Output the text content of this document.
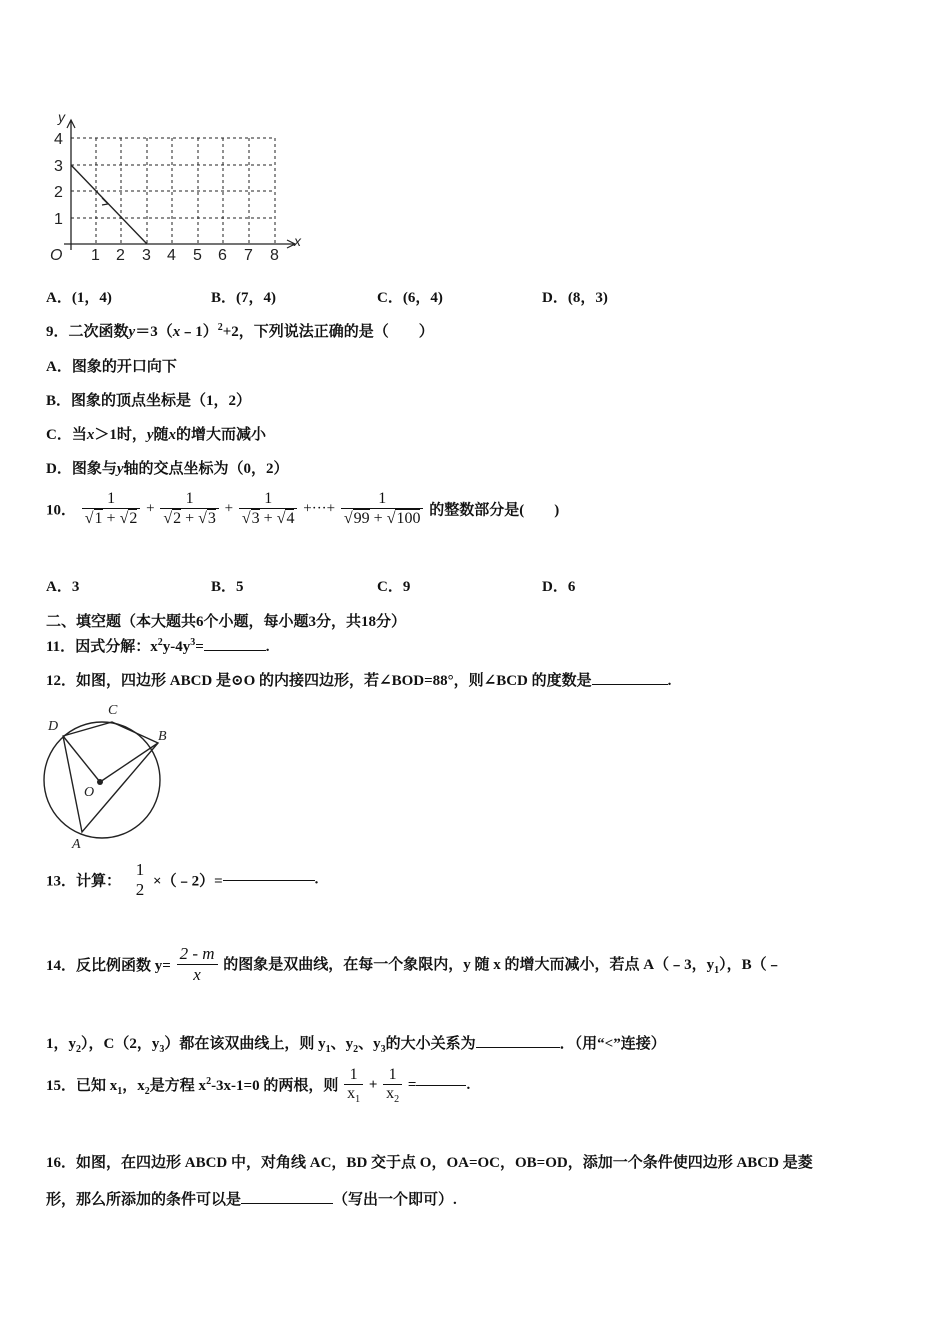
y
x
O
4
3
2
1
1 2 3 4 5 6 7 8
A．(1，4)	B．(7，4)	C．(6，4)	D．(8，3)
9．二次函数y＝3（x﹣1）$^2$+2，下列说法正确的是（　　）
A．图象的开口向下
B．图象的顶点坐标是（1，2）
C．当x＞1时，y随x的增大而减小
D．图象与y轴的交点坐标为（0，2）
10． $\frac{1}{√1 + √2} + \frac{1}{√2 + √3} + \frac{1}{√3 + √4}$ +···+ $\frac{1}{√99 + √100}$ 的整数部分是(　　)
A．3	B．5	C．9	D．6
二、填空题（本大题共6个小题，每小题3分，共18分）
11．因式分解：$x^2y-4y^3=$	.
12．如图，四边形 ABCD 是⊙O 的内接四边形，若∠BOD=88°，则∠BCD 的度数是	.
D
C
B
O
A
13．计算：
1
2 ×（﹣2）=	.
14．反比例函数 $y= \frac{2 - m}{x}$ 的图象是双曲线，在每一个象限内，y 随 x 的增大而减小，若点 A（﹣3，$y_1$），B（﹣
1，$y_2$），C（2，$y_3$）都在该双曲线上，则 $y_1$、$y_2$、$y_3$的大小关系为	．（用“<”连接）
15．已知 $x_1$，$x_2$是方程 $x^2-3x-1=0$ 的两根，则 $\frac{1}{x_1} + \frac{1}{x_2}$ =	.
16．如图，在四边形 ABCD 中，对角线 AC，BD 交于点 O，OA=OC，OB=OD，添加一个条件使四边形 ABCD 是菱
形，那么所添加的条件可以是	（写出一个即可）.
